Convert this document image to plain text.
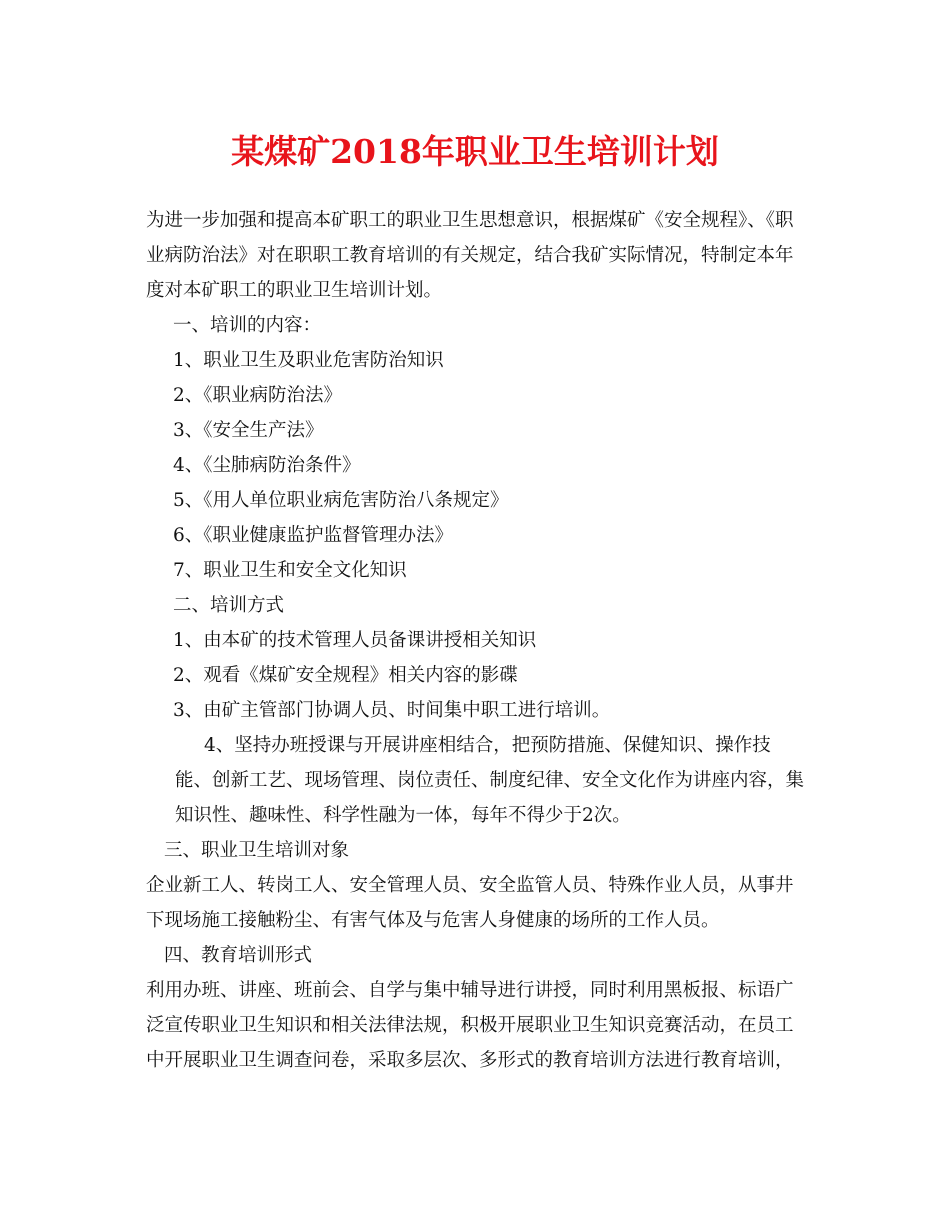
某煤矿2018年职业卫生培训计划

为进一步加强和提高本矿职工的职业卫生思想意识，根据煤矿《安全规程》、《职业病防治法》对在职职工教育培训的有关规定，结合我矿实际情况，特制定本年度对本矿职工的职业卫生培训计划。

一、培训的内容：

1、职业卫生及职业危害防治知识

2、《职业病防治法》

3、《安全生产法》

4、《尘肺病防治条件》

5、《用人单位职业病危害防治八条规定》

6、《职业健康监护监督管理办法》

7、职业卫生和安全文化知识

二、培训方式

1、由本矿的技术管理人员备课讲授相关知识

2、观看《煤矿安全规程》相关内容的影碟

3、由矿主管部门协调人员、时间集中职工进行培训。

4、坚持办班授课与开展讲座相结合，把预防措施、保健知识、操作技能、创新工艺、现场管理、岗位责任、制度纪律、安全文化作为讲座内容，集知识性、趣味性、科学性融为一体，每年不得少于2次。

三、职业卫生培训对象

企业新工人、转岗工人、安全管理人员、安全监管人员、特殊作业人员，从事井下现场施工接触粉尘、有害气体及与危害人身健康的场所的工作人员。

四、教育培训形式

利用办班、讲座、班前会、自学与集中辅导进行讲授，同时利用黑板报、标语广泛宣传职业卫生知识和相关法律法规，积极开展职业卫生知识竞赛活动，在员工中开展职业卫生调查问卷，采取多层次、多形式的教育培训方法进行教育培训，
